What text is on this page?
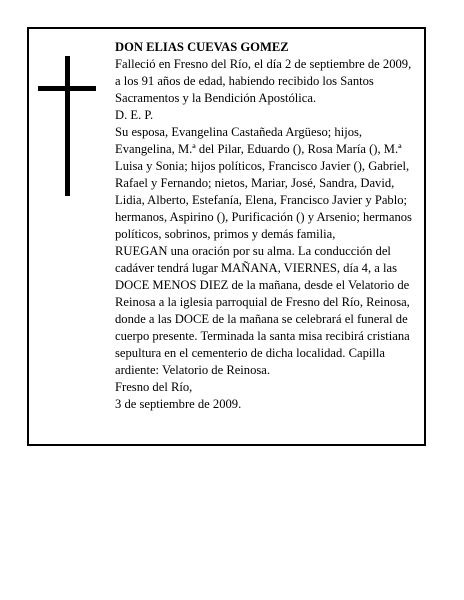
DON ELIAS CUEVAS GOMEZ

Falleció en Fresno del Río, el día 2 de septiembre de 2009, a los 91 años de edad, habiendo recibido los Santos Sacramentos y la Bendición Apostólica.

D. E. P.

Su esposa, Evangelina Castañeda Argüeso; hijos, Evangelina, M.ª del Pilar, Eduardo (), Rosa María (), M.ª Luisa y Sonia; hijos políticos, Francisco Javier (), Gabriel, Rafael y Fernando; nietos, Mariar, José, Sandra, David, Lidia, Alberto, Estefanía, Elena, Francisco Javier y Pablo; hermanos, Aspirino (), Purificación () y Arsenio; hermanos políticos, sobrinos, primos y demás familia,

RUEGAN una oración por su alma. La conducción del cadáver tendrá lugar MAÑANA, VIERNES, día 4, a las DOCE MENOS DIEZ de la mañana, desde el Velatorio de Reinosa a la iglesia parroquial de Fresno del Río, Reinosa, donde a las DOCE de la mañana se celebrará el funeral de cuerpo presente. Terminada la santa misa recibirá cristiana sepultura en el cementerio de dicha localidad. Capilla ardiente: Velatorio de Reinosa.

Fresno del Río,

3 de septiembre de 2009.
